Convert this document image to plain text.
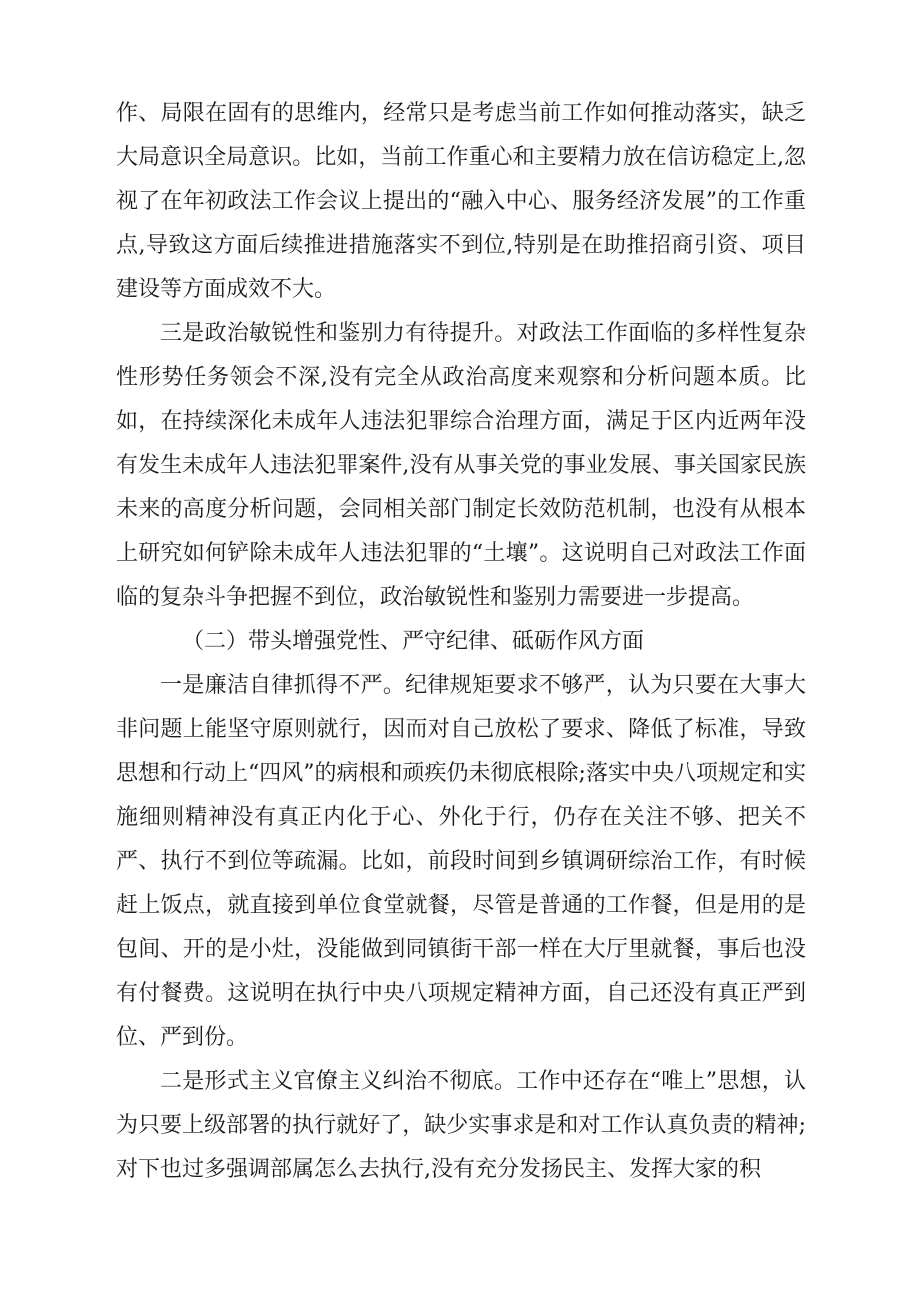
作、局限在固有的思维内，经常只是考虑当前工作如何推动落实，缺乏大局意识全局意识。比如，当前工作重心和主要精力放在信访稳定上,忽视了在年初政法工作会议上提出的“融入中心、服务经济发展”的工作重点,导致这方面后续推进措施落实不到位,特别是在助推招商引资、项目建设等方面成效不大。

三是政治敏锐性和鉴别力有待提升。对政法工作面临的多样性复杂性形势任务领会不深,没有完全从政治高度来观察和分析问题本质。比如，在持续深化未成年人违法犯罪综合治理方面，满足于区内近两年没有发生未成年人违法犯罪案件,没有从事关党的事业发展、事关国家民族未来的高度分析问题，会同相关部门制定长效防范机制，也没有从根本上研究如何铲除未成年人违法犯罪的“土壤”。这说明自己对政法工作面临的复杂斗争把握不到位，政治敏锐性和鉴别力需要进一步提高。

（二）带头增强党性、严守纪律、砥砺作风方面

一是廉洁自律抓得不严。纪律规矩要求不够严，认为只要在大事大非问题上能坚守原则就行，因而对自己放松了要求、降低了标准，导致思想和行动上“四风”的病根和顽疾仍未彻底根除;落实中央八项规定和实施细则精神没有真正内化于心、外化于行，仍存在关注不够、把关不严、执行不到位等疏漏。比如，前段时间到乡镇调研综治工作，有时候赶上饭点，就直接到单位食堂就餐，尽管是普通的工作餐，但是用的是包间、开的是小灶，没能做到同镇街干部一样在大厅里就餐，事后也没有付餐费。这说明在执行中央八项规定精神方面，自己还没有真正严到位、严到份。

二是形式主义官僚主义纠治不彻底。工作中还存在“唯上”思想，认为只要上级部署的执行就好了，缺少实事求是和对工作认真负责的精神;对下也过多强调部属怎么去执行,没有充分发扬民主、发挥大家的积
